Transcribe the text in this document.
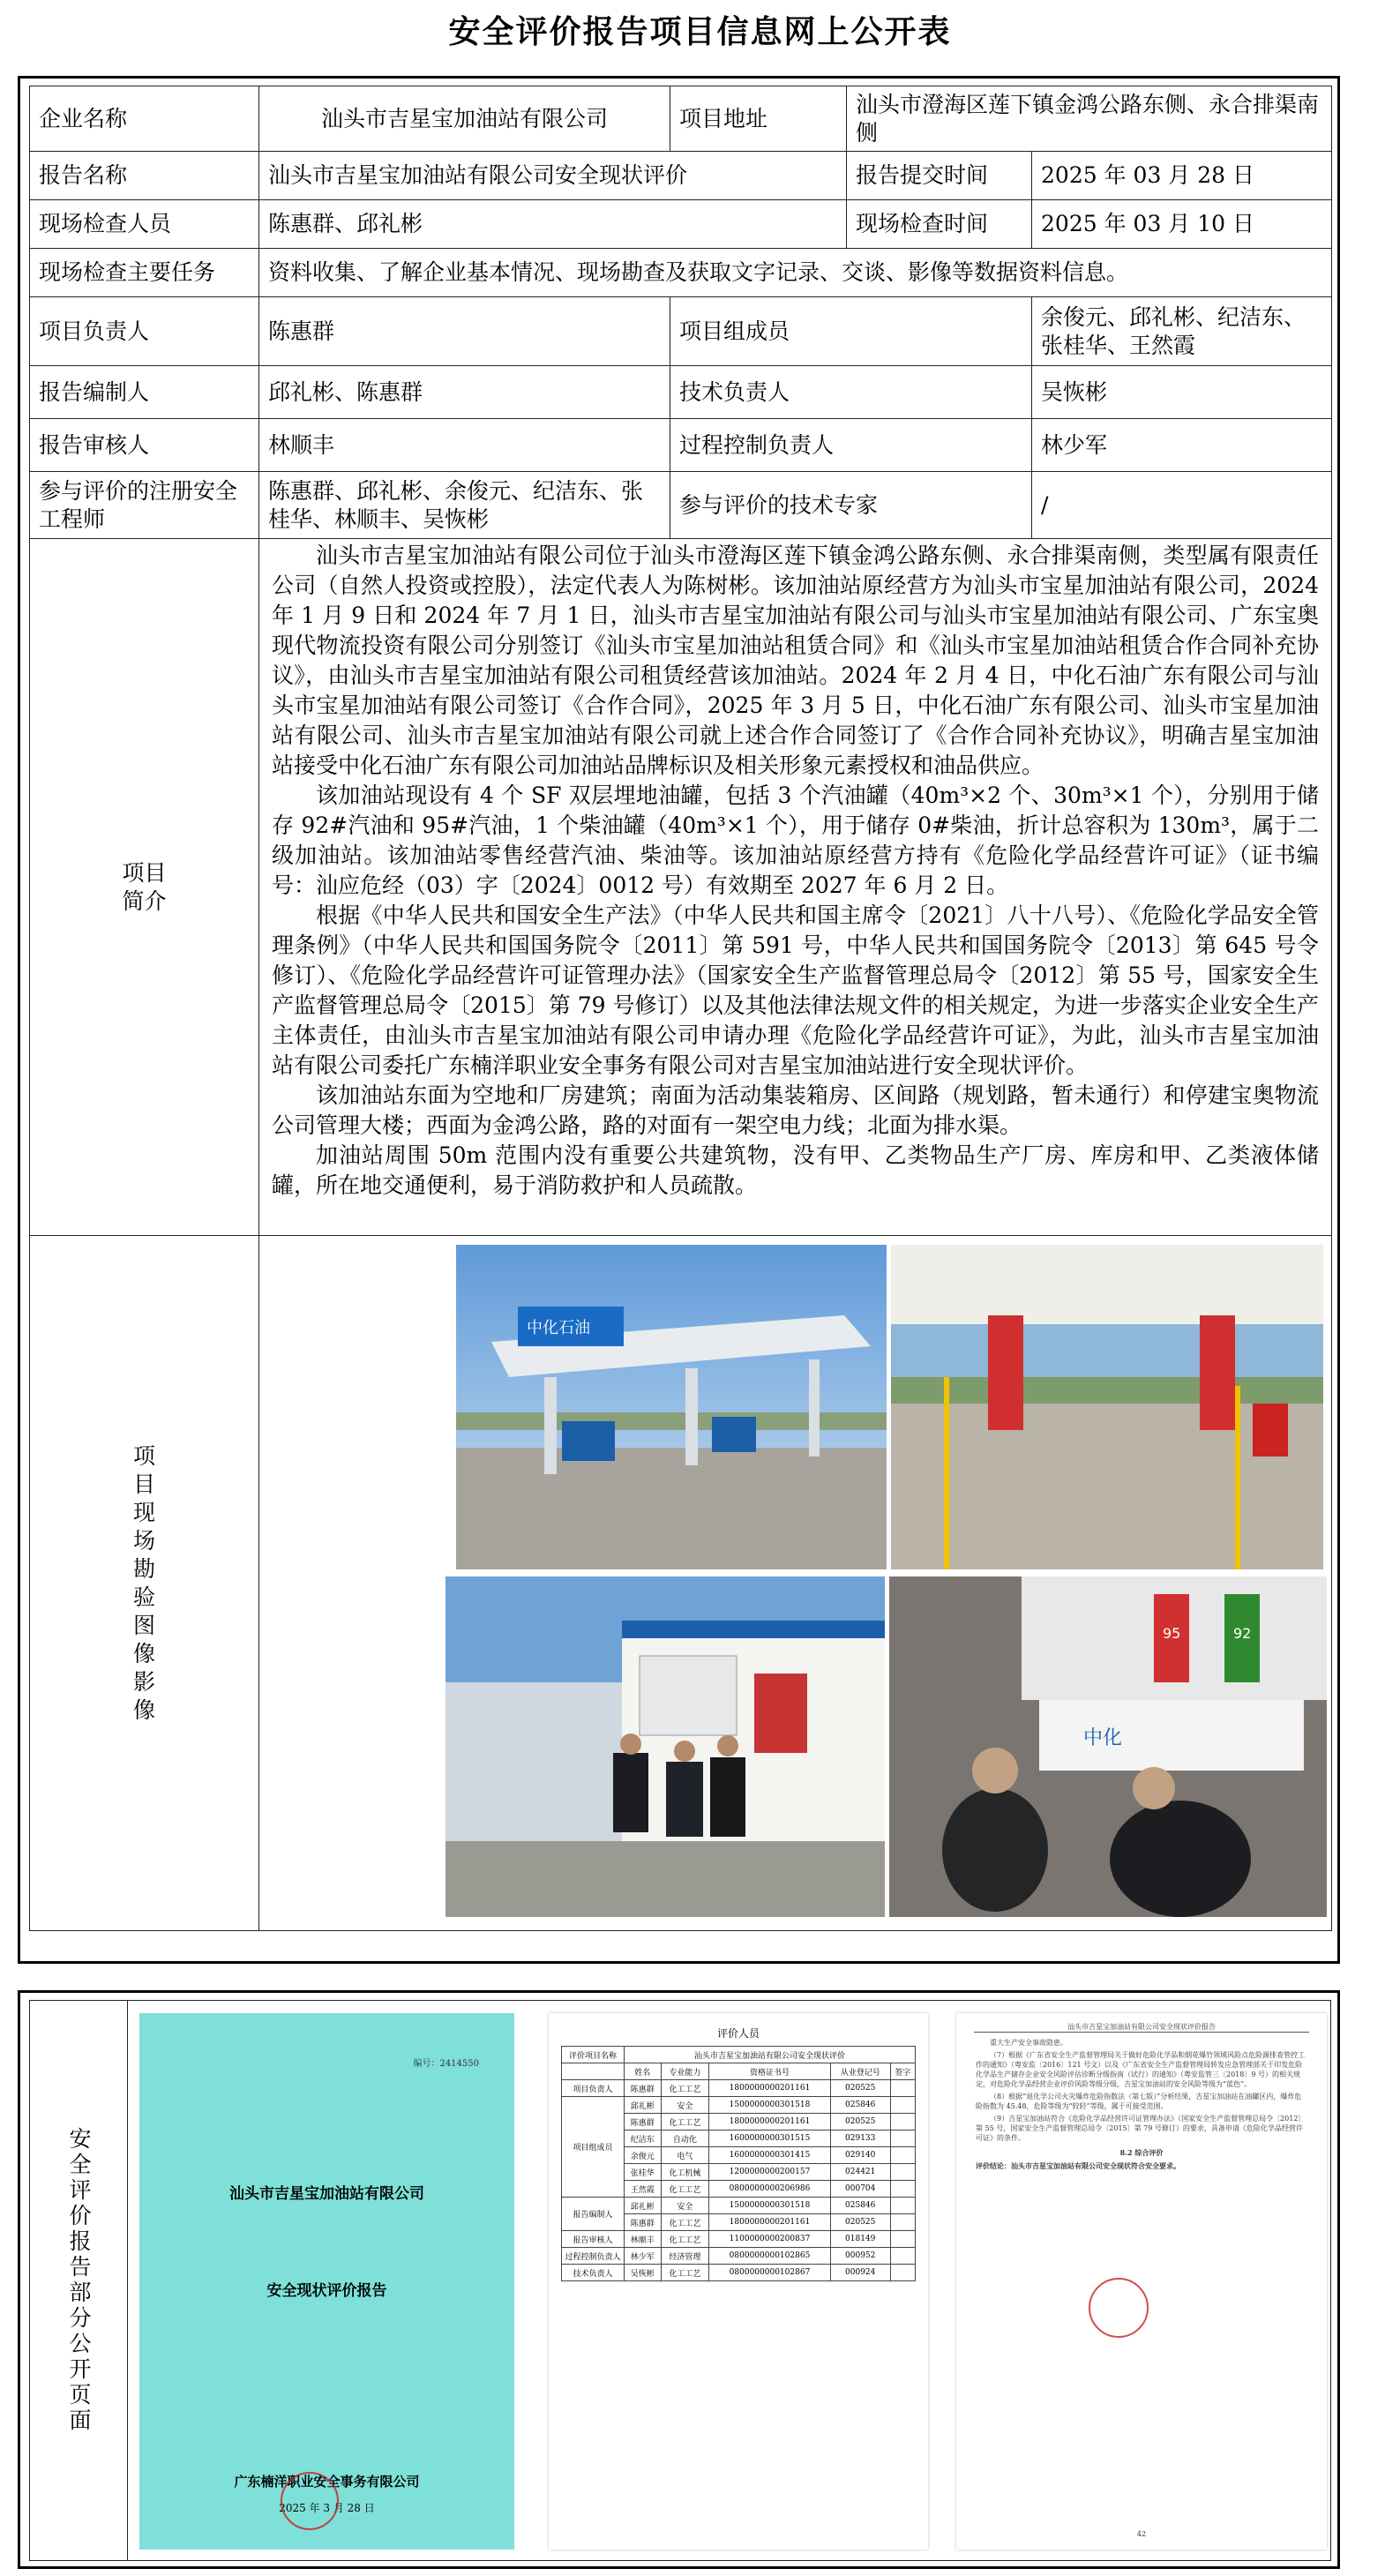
安全评价报告项目信息网上公开表
企业名称	汕头市吉星宝加油站有限公司	项目地址	汕头市澄海区莲下镇金鸿公路东侧、永合排渠南侧	
报告名称	汕头市吉星宝加油站有限公司安全现状评价		报告提交时间	2025 年 03 月 28 日
现场检查人员	陈惠群、邱礼彬		现场检查时间	2025 年 03 月 10 日
现场检查主要任务	资料收集、了解企业基本情况、现场勘查及获取文字记录、交谈、影像等数据资料信息。			
项目负责人	陈惠群	项目组成员		余俊元、邱礼彬、纪洁东、张桂华、王然霞
报告编制人	邱礼彬、陈惠群	技术负责人		吴恢彬
报告审核人	林顺丰	过程控制负责人		林少军
参与评价的注册安全工程师	陈惠群、邱礼彬、余俊元、纪洁东、张桂华、林顺丰、吴恢彬	参与评价的技术专家		/

项目简介	汕头市吉星宝加油站有限公司位于汕头市澄海区莲下镇金鸿公路东侧、永合排渠南侧，类型属有限责任公司（自然人投资或控股），法定代表人为陈树彬。该加油站原经营方为汕头市宝星加油站有限公司，2024 年 1 月 9 日和 2024 年 7 月 1 日，汕头市吉星宝加油站有限公司与汕头市宝星加油站有限公司、广东宝奥现代物流投资有限公司分别签订《汕头市宝星加油站租赁合同》和《汕头市宝星加油站租赁合作合同补充协议》，由汕头市吉星宝加油站有限公司租赁经营该加油站。2024 年 2 月 4 日，中化石油广东有限公司与汕头市宝星加油站有限公司签订《合作合同》，2025 年 3 月 5 日，中化石油广东有限公司、汕头市宝星加油站有限公司、汕头市吉星宝加油站有限公司就上述合作合同签订了《合作合同补充协议》，明确吉星宝加油站接受中化石油广东有限公司加油站品牌标识及相关形象元素授权和油品供应。

该加油站现设有 4 个 SF 双层埋地油罐，包括 3 个汽油罐（40m³×2 个、30m³×1 个），分别用于储存 92#汽油和 95#汽油，1 个柴油罐（40m³×1 个），用于储存 0#柴油，折计总容积为 130m³，属于二级加油站。该加油站零售经营汽油、柴油等。该加油站原经营方持有《危险化学品经营许可证》（证书编号：汕应危经（03）字〔2024〕0012 号）有效期至 2027 年 6 月 2 日。

根据《中华人民共和国安全生产法》（中华人民共和国主席令〔2021〕八十八号）、《危险化学品安全管理条例》（中华人民共和国国务院令〔2011〕第 591 号，中华人民共和国国务院令〔2013〕第 645 号令修订）、《危险化学品经营许可证管理办法》（国家安全生产监督管理总局令〔2012〕第 55 号，国家安全生产监督管理总局令〔2015〕第 79 号修订）以及其他法律法规文件的相关规定，为进一步落实企业安全生产主体责任，由汕头市吉星宝加油站有限公司申请办理《危险化学品经营许可证》，为此，汕头市吉星宝加油站有限公司委托广东楠洋职业安全事务有限公司对吉星宝加油站进行安全现状评价。

该加油站东面为空地和厂房建筑；南面为活动集装箱房、区间路（规划路，暂未通行）和停建宝奥物流公司管理大楼；西面为金鸿公路，路的对面有一架空电力线；北面为排水渠。

加油站周围 50m 范围内没有重要公共建筑物，没有甲、乙类物品生产厂房、库房和甲、乙类液体储罐，所在地交通便利，易于消防救护和人员疏散。			

项目现场勘验图像影像	中化石油
95 92
中化			
安全评价报告部分公开页面
编号：2414550
汕头市吉星宝加油站有限公司
安全现状评价报告
广东楠洋职业安全事务有限公司
2025 年 3 月 28 日
评价人员
评价项目名称	汕头市吉星宝加油站有限公司安全现状评价				
	姓名	专业能力	资格证书号	从业登记号	签字
项目负责人	陈惠群	化工工艺	1800000000201161	020525	
项目组成员	邱礼彬	安全	1500000000301518	025846	
	陈惠群	化工工艺	1800000000201161	020525	
	纪洁东	自动化	1600000000301515	029133	
	余俊元	电气	1600000000301415	029140	
	张桂华	化工机械	1200000000200157	024421	
	王然霞	化工工艺	0800000000206986	000704	
报告编制人	邱礼彬	安全	1500000000301518	025846	
	陈惠群	化工工艺	1800000000201161	020525	
报告审核人	林顺丰	化工工艺	1100000000200837	018149	
过程控制负责人	林少军	经济管理	0800000000102865	000952	
技术负责人	吴恢彬	化工工艺	0800000000102867	000924	
汕头市吉星宝加油站有限公司安全现状评价报告
重大生产安全事故隐患。
（7）根据《广东省安全生产监督管理局关于做好危险化学品和烟花爆竹领域风险点危险源排查管控工作的通知》（粤安监〔2016〕121 号文）以及《广东省安全生产监督管理局转发应急管理部关于印发危险化学品生产储存企业安全风险评估诊断分级指南（试行）的通知》（粤安监管三〔2018〕9 号）的相关规定，对危险化学品经营企业评价风险等级分级，吉星宝加油站的安全风险等级为“蓝色”。
（8）根据“退化学公司火灾爆炸危险指数法（第七版）”分析结果，吉星宝加油站在油罐区内，爆炸危险指数为 45.48，危险等级为“较轻”等级，属于可接受范围。
（9）吉星宝加油站符合《危险化学品经营许可证管理办法》（国家安全生产监督管理总局令〔2012〕第 55 号，国家安全生产监督管理总局令〔2015〕第 79 号修订）的要求，具备申请《危险化学品经营许可证》的条件。
8.2 综合评价
评价结论：汕头市吉星宝加油站有限公司安全现状符合安全要求。
42
